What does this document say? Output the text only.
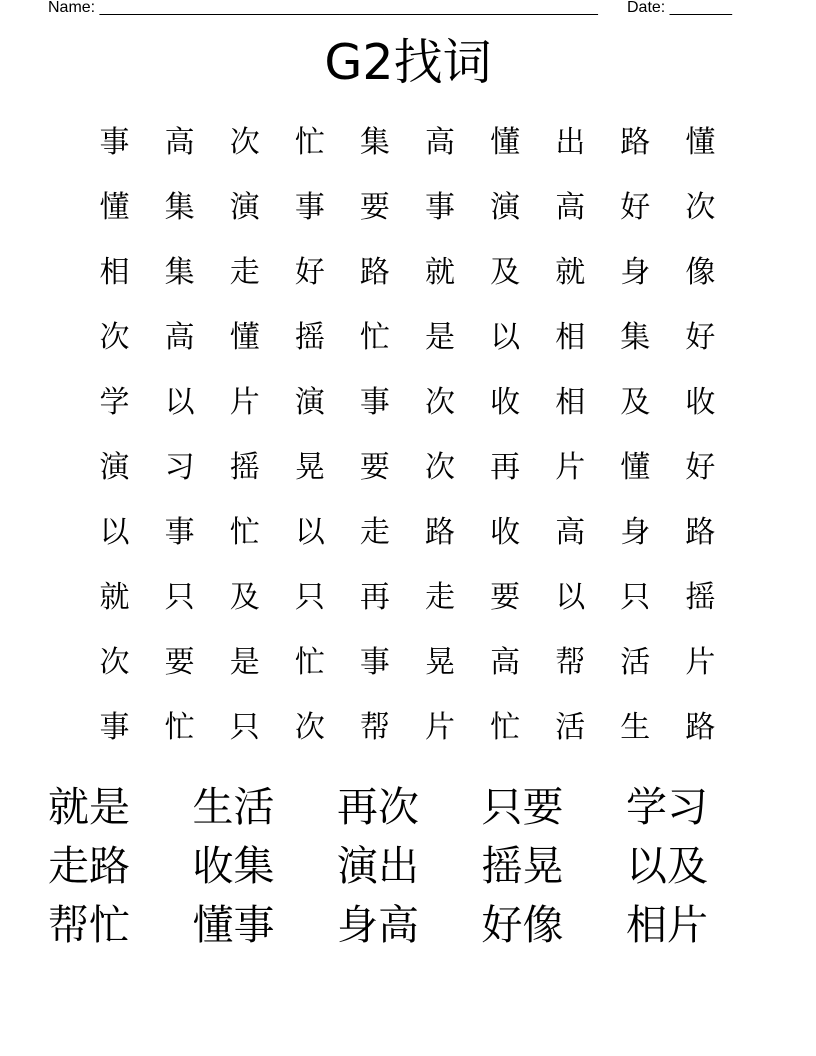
Name: ________________________________________________________ Date: _______
G2找词
事	高	次	忙	集	高	懂	出	路	懂
懂	集	演	事	要	事	演	高	好	次
相	集	走	好	路	就	及	就	身	像
次	高	懂	摇	忙	是	以	相	集	好
学	以	片	演	事	次	收	相	及	收
演	习	摇	晃	要	次	再	片	懂	好
以	事	忙	以	走	路	收	高	身	路
就	只	及	只	再	走	要	以	只	摇
次	要	是	忙	事	晃	高	帮	活	片
事	忙	只	次	帮	片	忙	活	生	路
就是	生活	再次	只要	学习
走路	收集	演出	摇晃	以及
帮忙	懂事	身高	好像	相片
